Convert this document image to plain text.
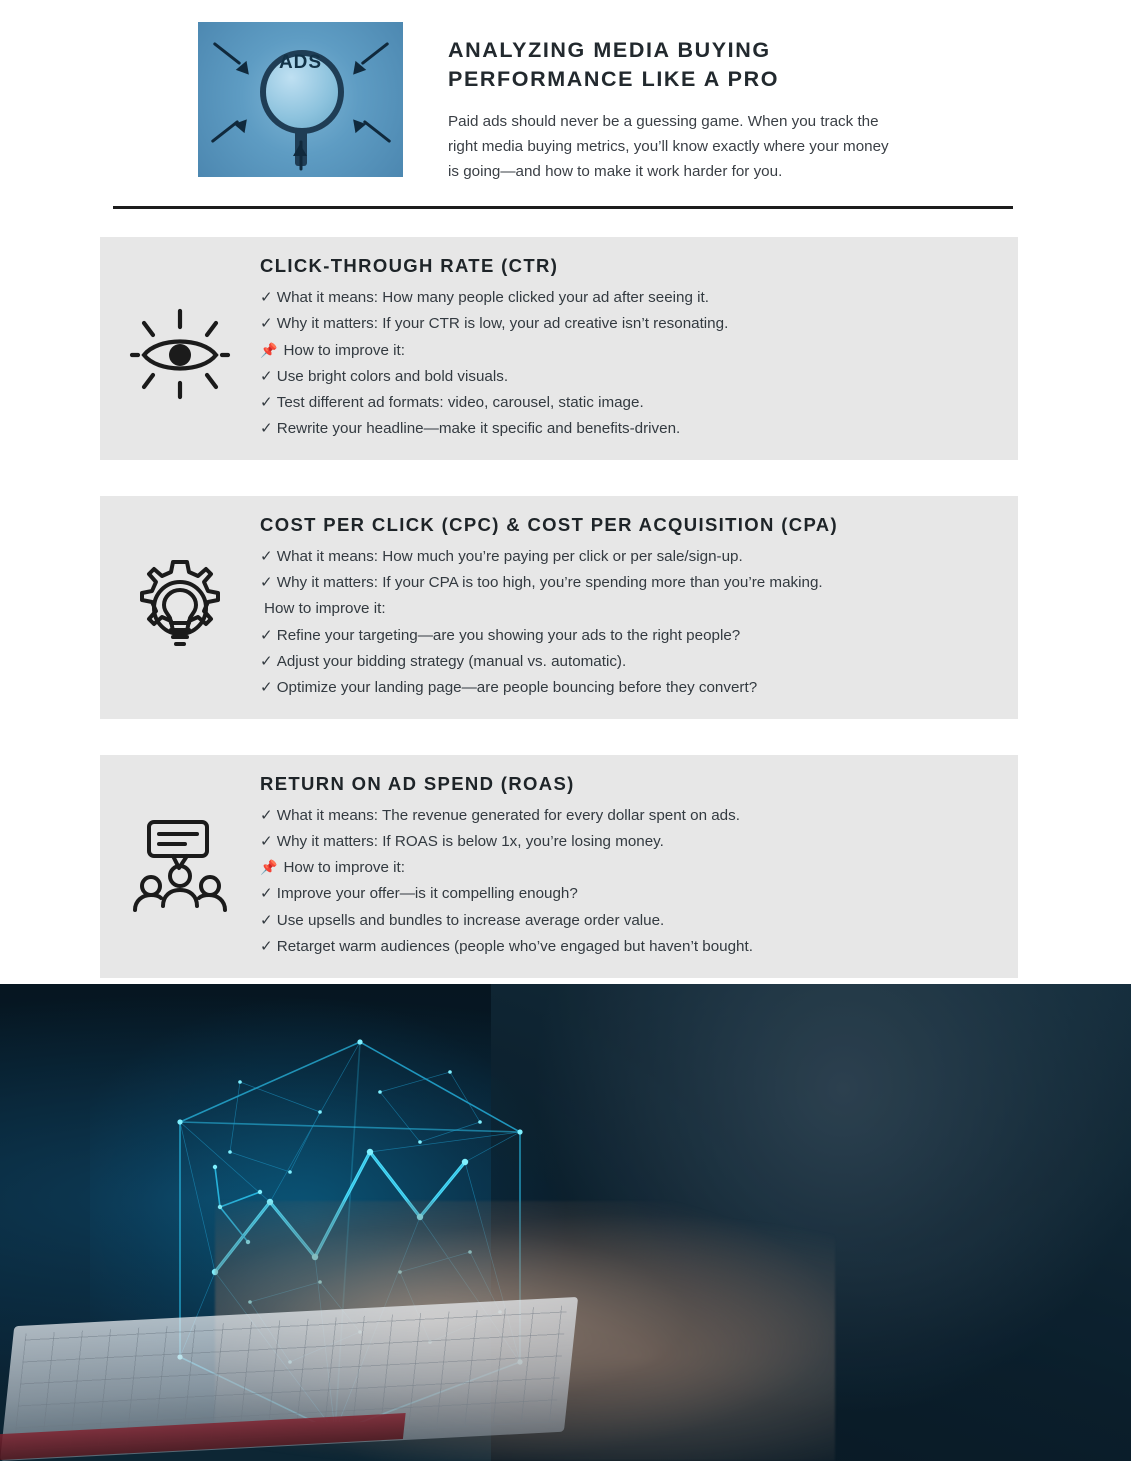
ADS
ANALYZING MEDIA BUYING PERFORMANCE LIKE A PRO

Paid ads should never be a guessing game. When you track the right media buying metrics, you’ll know exactly where your money is going—and how to make it work harder for you.

CLICK-THROUGH RATE (CTR)
✓ What it means: How many people clicked your ad after seeing it.
✓ Why it matters: If your CTR is low, your ad creative isn’t resonating.
📌 How to improve it:
✓ Use bright colors and bold visuals.
✓ Test different ad formats: video, carousel, static image.
✓ Rewrite your headline—make it specific and benefits-driven.
COST PER CLICK (CPC) & COST PER ACQUISITION (CPA)
✓ What it means: How much you’re paying per click or per sale/sign-up.
✓ Why it matters: If your CPA is too high, you’re spending more than you’re making.
How to improve it:
✓ Refine your targeting—are you showing your ads to the right people?
✓ Adjust your bidding strategy (manual vs. automatic).
✓ Optimize your landing page—are people bouncing before they convert?
RETURN ON AD SPEND (ROAS)
✓ What it means: The revenue generated for every dollar spent on ads.
✓ Why it matters: If ROAS is below 1x, you’re losing money.
📌 How to improve it:
✓ Improve your offer—is it compelling enough?
✓ Use upsells and bundles to increase average order value.
✓ Retarget warm audiences (people who’ve engaged but haven’t bought.
